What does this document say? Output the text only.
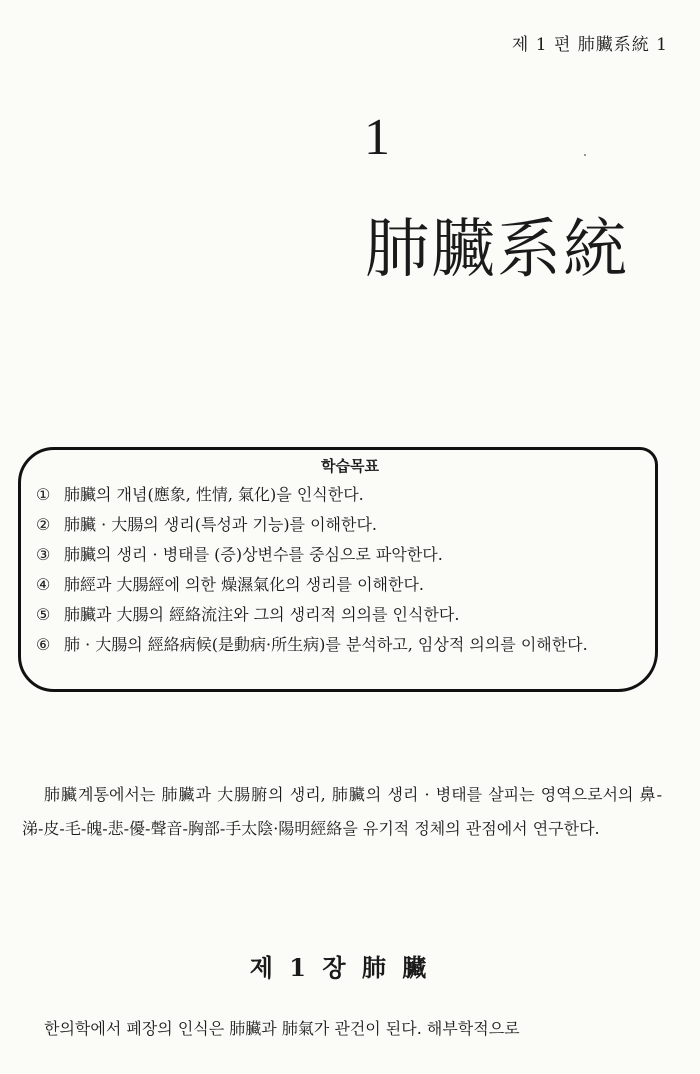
제 1 편 肺臟系統 1
1
肺臟系統
학습목표
① 肺臟의 개념(應象, 性情, 氣化)을 인식한다.
② 肺臟 · 大腸의 생리(특성과 기능)를 이해한다.
③ 肺臟의 생리 · 병태를 (증)상변수를 중심으로 파악한다.
④ 肺經과 大腸經에 의한 燥濕氣化의 생리를 이해한다.
⑤ 肺臟과 大腸의 經絡流注와 그의 생리적 의의를 인식한다.
⑥ 肺 · 大腸의 經絡病候(是動病·所生病)를 분석하고, 임상적 의의를 이해한다.

肺臟계통에서는 肺臟과 大腸腑의 생리, 肺臟의 생리 · 병태를 살피는 영역으로서의 鼻-涕-皮-毛-魄-悲-優-聲音-胸部-手太陰·陽明經絡을 유기적 정체의 관점에서 연구한다.

제 1 장 肺 臟

한의학에서 폐장의 인식은 肺臟과 肺氣가 관건이 된다. 해부학적으로
